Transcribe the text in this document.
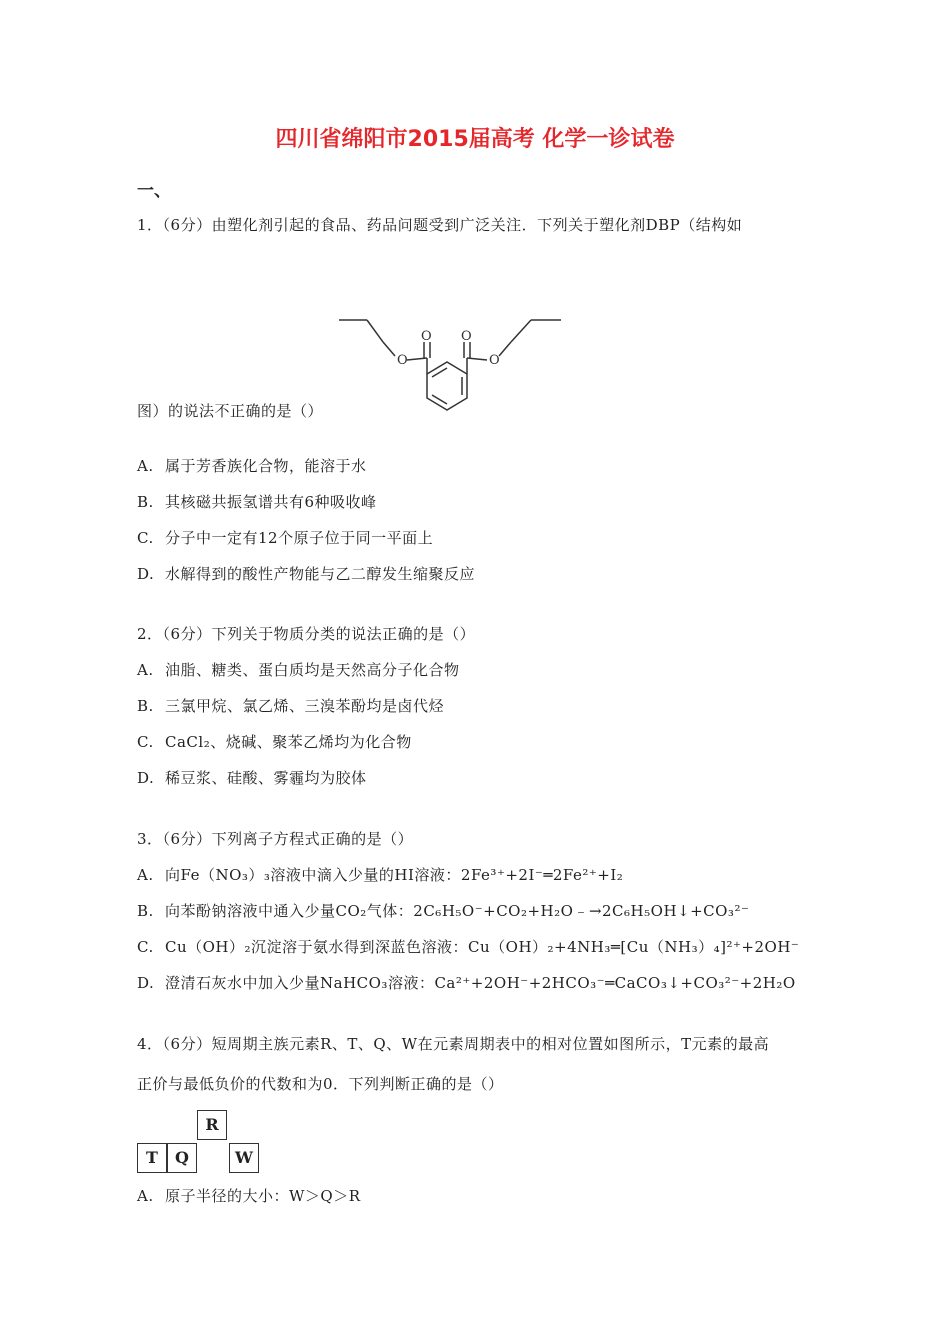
四川省绵阳市2015届高考 化学一诊试卷
一、
1．（6分）由塑化剂引起的食品、药品问题受到广泛关注．下列关于塑化剂DBP（结构如
O
O
O
O
图）的说法不正确的是（）
A. 属于芳香族化合物，能溶于水
B. 其核磁共振氢谱共有6种吸收峰
C. 分子中一定有12个原子位于同一平面上
D. 水解得到的酸性产物能与乙二醇发生缩聚反应
2．（6分）下列关于物质分类的说法正确的是（）
A. 油脂、糖类、蛋白质均是天然高分子化合物
B. 三氯甲烷、氯乙烯、三溴苯酚均是卤代烃
C. CaCl₂、烧碱、聚苯乙烯均为化合物
D. 稀豆浆、硅酸、雾霾均为胶体
3．（6分）下列离子方程式正确的是（）
A. 向Fe（NO₃）₃溶液中滴入少量的HI溶液：2Fe³⁺+2I⁻═2Fe²⁺+I₂
B. 向苯酚钠溶液中通入少量CO₂气体：2C₆H₅O⁻+CO₂+H₂O﹣→2C₆H₅OH↓+CO₃²⁻
C. Cu（OH）₂沉淀溶于氨水得到深蓝色溶液：Cu（OH）₂+4NH₃═[Cu（NH₃）₄]²⁺+2OH⁻
D. 澄清石灰水中加入少量NaHCO₃溶液：Ca²⁺+2OH⁻+2HCO₃⁻═CaCO₃↓+CO₃²⁻+2H₂O
4．（6分）短周期主族元素R、T、Q、W在元素周期表中的相对位置如图所示，T元素的最高
正价与最低负价的代数和为0．下列判断正确的是（）
R
T	Q	W
A. 原子半径的大小：W＞Q＞R
